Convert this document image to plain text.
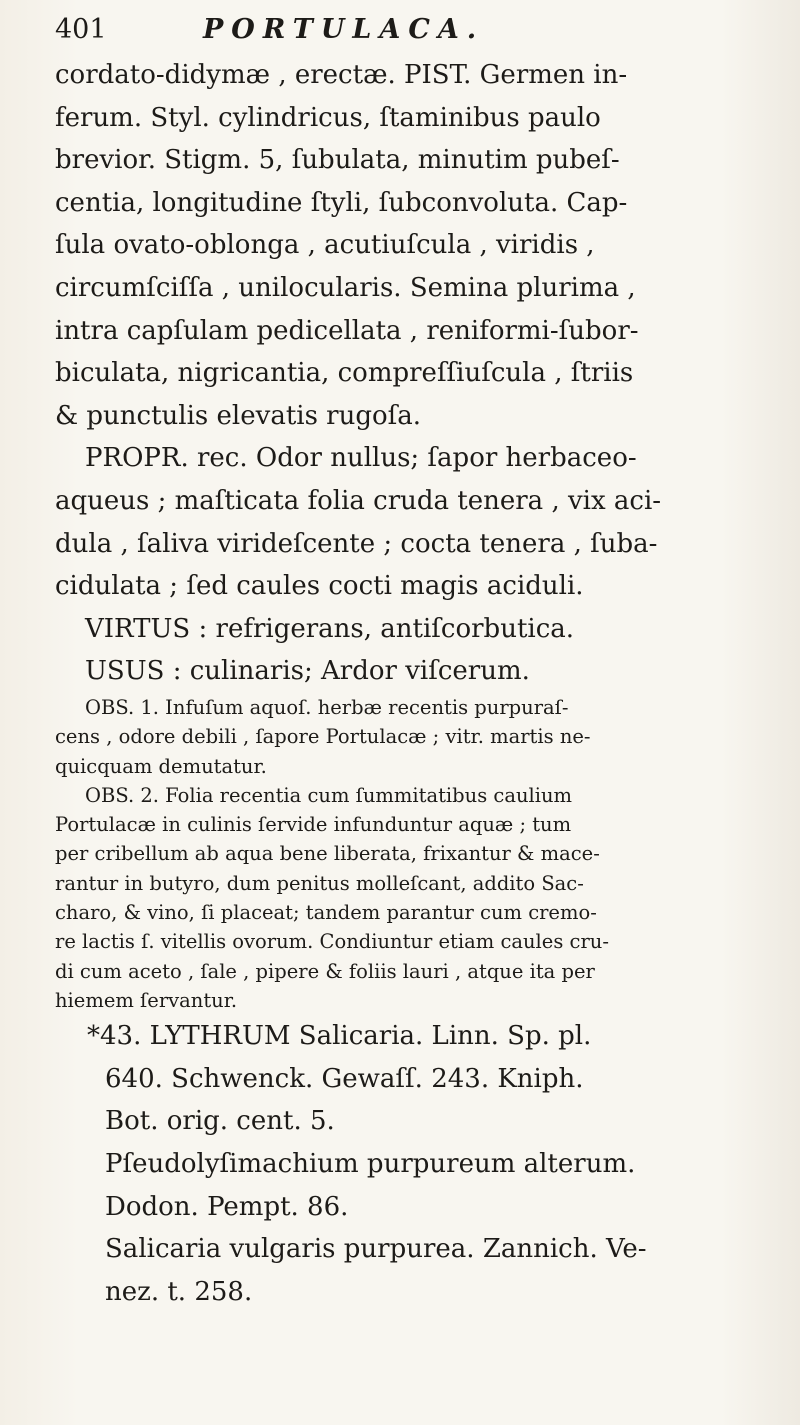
401	PORTULACA.
cordato-didymæ , erectæ. PIST. Germen in-
ferum. Styl. cylindricus, ſtaminibus paulo
brevior. Stigm. 5, ſubulata, minutim pubeſ-
centia, longitudine ſtyli, ſubconvoluta. Cap-
ſula ovato-oblonga , acutiuſcula , viridis ,
circumſciſſa , unilocularis. Semina plurima ,
intra capſulam pedicellata , reniformi-ſubor-
biculata, nigricantia, compreſſiuſcula , ſtriis
& punctulis elevatis rugoſa.
PROPR. rec. Odor nullus; ſapor herbaceo-
aqueus ; maſticata folia cruda tenera , vix aci-
dula , ſaliva virideſcente ; cocta tenera , ſuba-
cidulata ; ſed caules cocti magis aciduli.
VIRTUS : refrigerans, antiſcorbutica.
USUS : culinaris; Ardor viſcerum.
OBS. 1. Infuſum aquoſ. herbæ recentis purpuraſ-
cens , odore debili , ſapore Portulacæ ; vitr. martis ne-
quicquam demutatur.
OBS. 2. Folia recentia cum ſummitatibus caulium
Portulacæ in culinis ſervide infunduntur aquæ ; tum
per cribellum ab aqua bene liberata, frixantur & mace-
rantur in butyro, dum penitus molleſcant, addito Sac-
charo, & vino, ſi placeat; tandem parantur cum cremo-
re lactis ſ. vitellis ovorum. Condiuntur etiam caules cru-
di cum aceto , ſale , pipere & foliis lauri , atque ita per
hiemem ſervantur.
*43. LYTHRUM Salicaria. Linn. Sp. pl.
640. Schwenck. Gewaſſ. 243. Kniph.
Bot. orig. cent. 5.
Pſeudolyſimachium purpureum alterum.
Dodon. Pempt. 86.
Salicaria vulgaris purpurea. Zannich. Ve-
nez. t. 258.
